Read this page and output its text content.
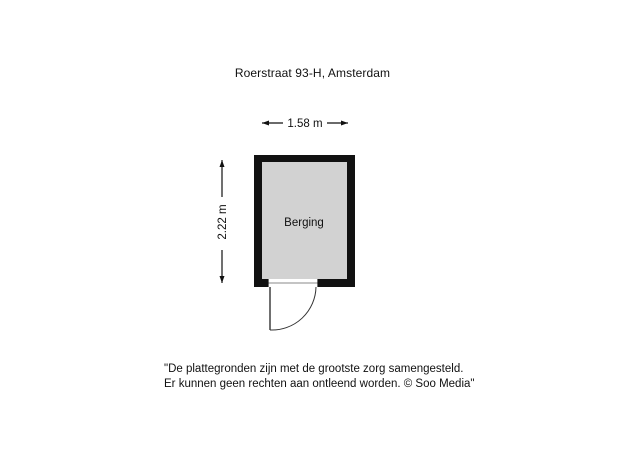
Roerstraat 93-H, Amsterdam
1.58 m
2.22 m	Berging
"De plattegronden zijn met de grootste zorg samengesteld.
Er kunnen geen rechten aan ontleend worden. © Soo Media"
